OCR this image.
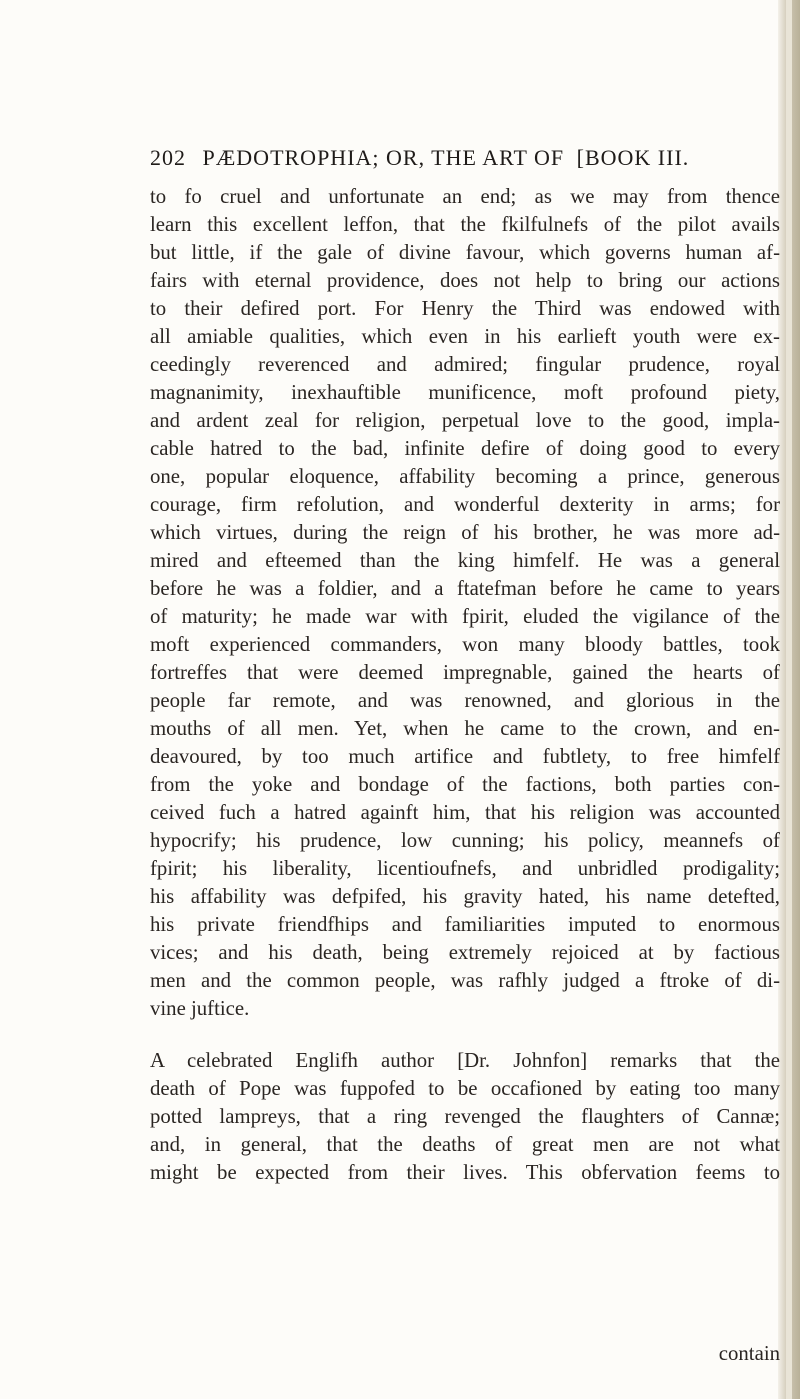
202 PÆDOTROPHIA; OR, THE ART OF [BOOK III.
to fo cruel and unfortunate an end; as we may from thence
learn this excellent leffon, that the fkilfulnefs of the pilot avails
but little, if the gale of divine favour, which governs human af-
fairs with eternal providence, does not help to bring our actions
to their defired port. For Henry the Third was endowed with
all amiable qualities, which even in his earlieft youth were ex-
ceedingly reverenced and admired; fingular prudence, royal
magnanimity, inexhauftible munificence, moft profound piety,
and ardent zeal for religion, perpetual love to the good, impla-
cable hatred to the bad, infinite defire of doing good to every
one, popular eloquence, affability becoming a prince, generous
courage, firm refolution, and wonderful dexterity in arms; for
which virtues, during the reign of his brother, he was more ad-
mired and efteemed than the king himfelf. He was a general
before he was a foldier, and a ftatefman before he came to years
of maturity; he made war with fpirit, eluded the vigilance of the
moft experienced commanders, won many bloody battles, took
fortreffes that were deemed impregnable, gained the hearts of
people far remote, and was renowned, and glorious in the
mouths of all men. Yet, when he came to the crown, and en-
deavoured, by too much artifice and fubtlety, to free himfelf
from the yoke and bondage of the factions, both parties con-
ceived fuch a hatred againft him, that his religion was accounted
hypocrify; his prudence, low cunning; his policy, meannefs of
fpirit; his liberality, licentioufnefs, and unbridled prodigality;
his affability was defpifed, his gravity hated, his name detefted,
his private friendfhips and familiarities imputed to enormous
vices; and his death, being extremely rejoiced at by factious
men and the common people, was rafhly judged a ftroke of di-
vine juftice.
A celebrated Englifh author [Dr. Johnfon] remarks that the
death of Pope was fuppofed to be occafioned by eating too many
potted lampreys, that a ring revenged the flaughters of Cannæ;
and, in general, that the deaths of great men are not what
might be expected from their lives. This obfervation feems to
contain
